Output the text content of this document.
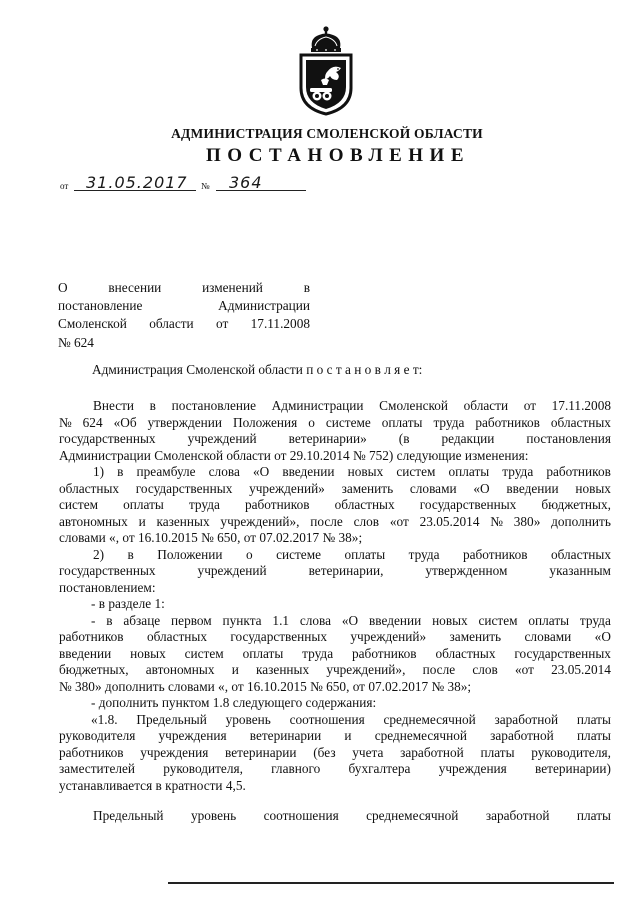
АДМИНИСТРАЦИЯ СМОЛЕНСКОЙ ОБЛАСТИ
ПОСТАНОВЛЕНИЕ
от 31.05.2017 № 364
О	внесении	изменений	в
постановление	Администрации
Смоленской области от 17.11.2008
№ 624
Администрация Смоленской области п о с т а н о в л я е т:
Внести в постановление Администрации Смоленской области от 17.11.2008
№ 624 «Об утверждении Положения о системе оплаты труда работников областных
государственных учреждений ветеринарии» (в редакции постановления
Администрации Смоленской области от 29.10.2014 № 752) следующие изменения:
1) в преамбуле слова «О введении новых систем оплаты труда работников
областных государственных учреждений» заменить словами «О введении новых
систем оплаты труда работников областных государственных бюджетных,
автономных и казенных учреждений», после слов «от 23.05.2014 № 380» дополнить
словами «, от 16.10.2015 № 650, от 07.02.2017 № 38»;
2) в Положении о системе оплаты труда работников областных
государственных	учреждений	ветеринарии,	утвержденном	указанным
постановлением:
- в разделе 1:
- в абзаце первом пункта 1.1 слова «О введении новых систем оплаты труда
работников областных государственных учреждений» заменить словами «О
введении новых систем оплаты труда работников областных государственных
бюджетных, автономных и казенных учреждений», после слов «от 23.05.2014
№ 380» дополнить словами «, от 16.10.2015 № 650, от 07.02.2017 № 38»;
- дополнить пунктом 1.8 следующего содержания:
«1.8. Предельный уровень соотношения среднемесячной заработной платы
руководителя учреждения ветеринарии и среднемесячной заработной платы
работников учреждения ветеринарии (без учета заработной платы руководителя,
заместителей руководителя, главного бухгалтера учреждения ветеринарии)
устанавливается в кратности 4,5.
Предельный уровень соотношения среднемесячной заработной платы
